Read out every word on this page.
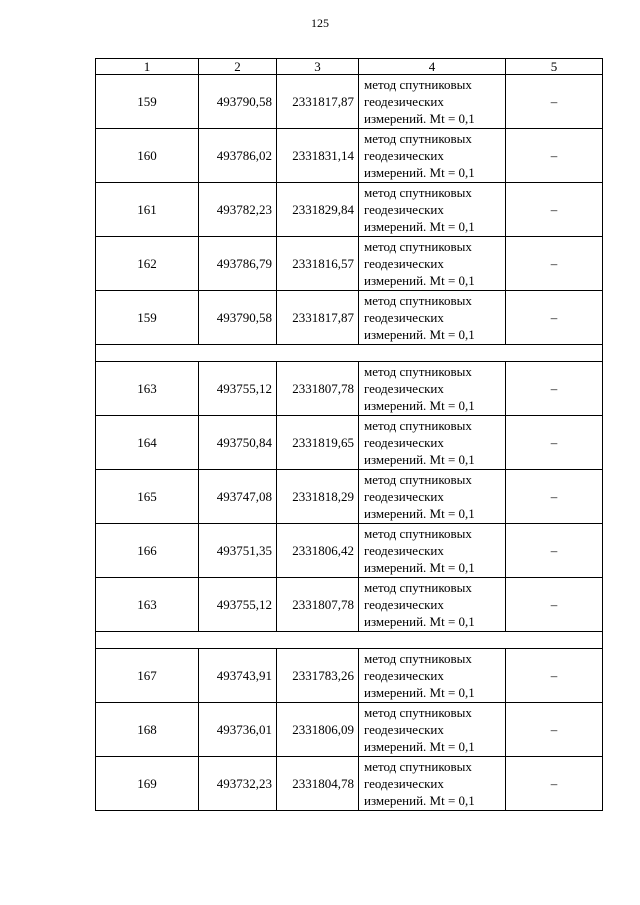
125
1	2	3	4	5
159	493790,58	2331817,87	метод спутниковых
геодезических
измерений. Mt = 0,1	–
160	493786,02	2331831,14	метод спутниковых
геодезических
измерений. Mt = 0,1	–
161	493782,23	2331829,84	метод спутниковых
геодезических
измерений. Mt = 0,1	–
162	493786,79	2331816,57	метод спутниковых
геодезических
измерений. Mt = 0,1	–
159	493790,58	2331817,87	метод спутниковых
геодезических
измерений. Mt = 0,1	–

163	493755,12	2331807,78	метод спутниковых
геодезических
измерений. Mt = 0,1	–
164	493750,84	2331819,65	метод спутниковых
геодезических
измерений. Mt = 0,1	–
165	493747,08	2331818,29	метод спутниковых
геодезических
измерений. Mt = 0,1	–
166	493751,35	2331806,42	метод спутниковых
геодезических
измерений. Mt = 0,1	–
163	493755,12	2331807,78	метод спутниковых
геодезических
измерений. Mt = 0,1	–

167	493743,91	2331783,26	метод спутниковых
геодезических
измерений. Mt = 0,1	–
168	493736,01	2331806,09	метод спутниковых
геодезических
измерений. Mt = 0,1	–
169	493732,23	2331804,78	метод спутниковых
геодезических
измерений. Mt = 0,1	–
